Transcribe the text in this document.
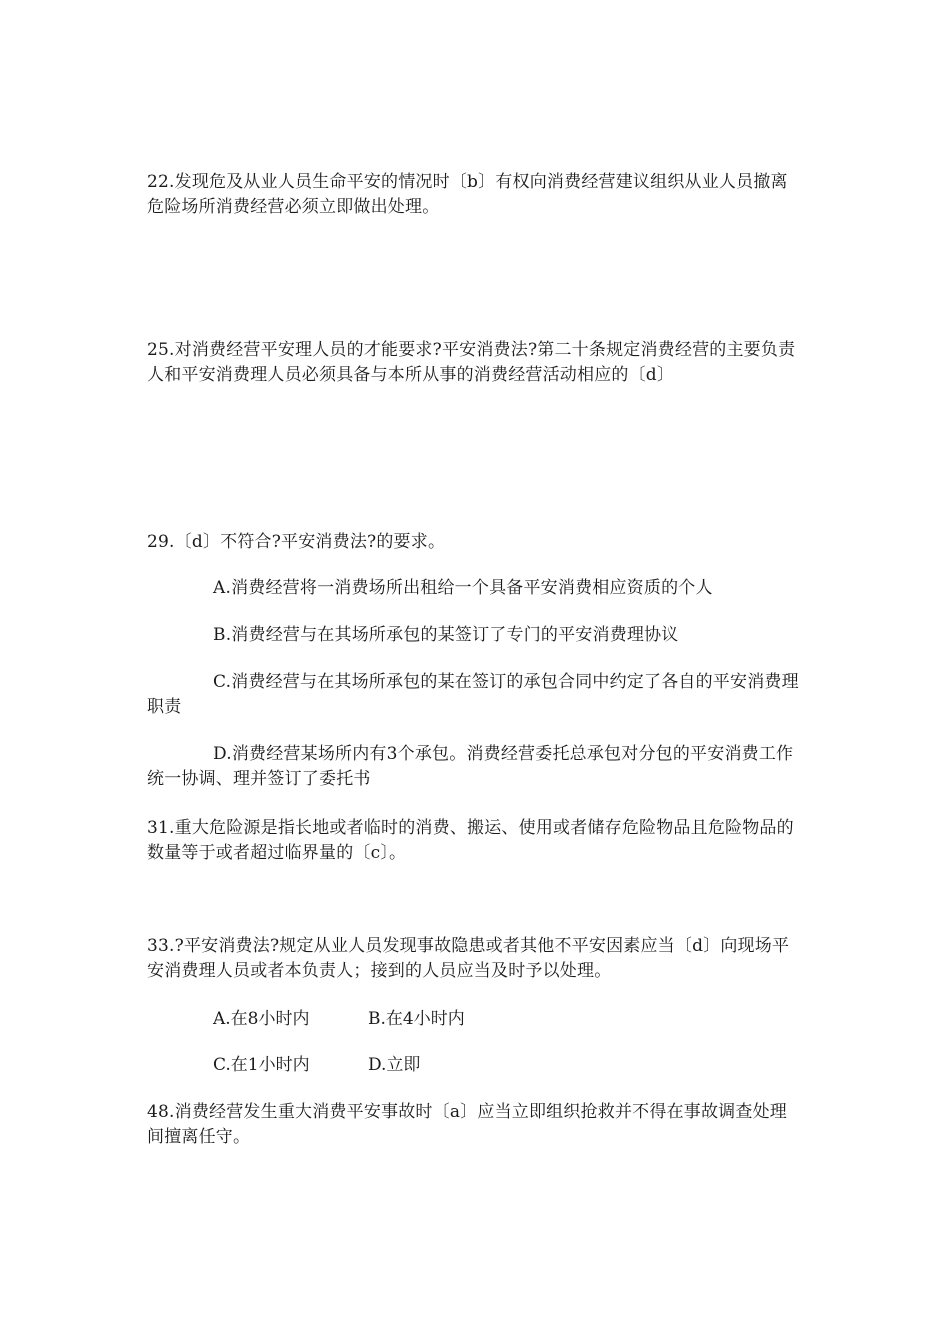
22.发现危及从业人员生命平安的情况时〔b〕有权向消费经营建议组织从业人员撤离危险场所消费经营必须立即做出处理。

25.对消费经营平安理人员的才能要求?平安消费法?第二十条规定消费经营的主要负责人和平安消费理人员必须具备与本所从事的消费经营活动相应的〔d〕

29.〔d〕不符合?平安消费法?的要求。

A.消费经营将一消费场所出租给一个具备平安消费相应资质的个人

B.消费经营与在其场所承包的某签订了专门的平安消费理协议

C.消费经营与在其场所承包的某在签订的承包合同中约定了各自的平安消费理职责

D.消费经营某场所内有3个承包。消费经营委托总承包对分包的平安消费工作统一协调、理并签订了委托书

31.重大危险源是指长地或者临时的消费、搬运、使用或者储存危险物品且危险物品的数量等于或者超过临界量的〔c〕。

33.?平安消费法?规定从业人员发现事故隐患或者其他不平安因素应当〔d〕向现场平安消费理人员或者本负责人；接到的人员应当及时予以处理。

A.在8小时内	B.在4小时内
C.在1小时内	D.立即

48.消费经营发生重大消费平安事故时〔a〕应当立即组织抢救并不得在事故调查处理间擅离任守。
